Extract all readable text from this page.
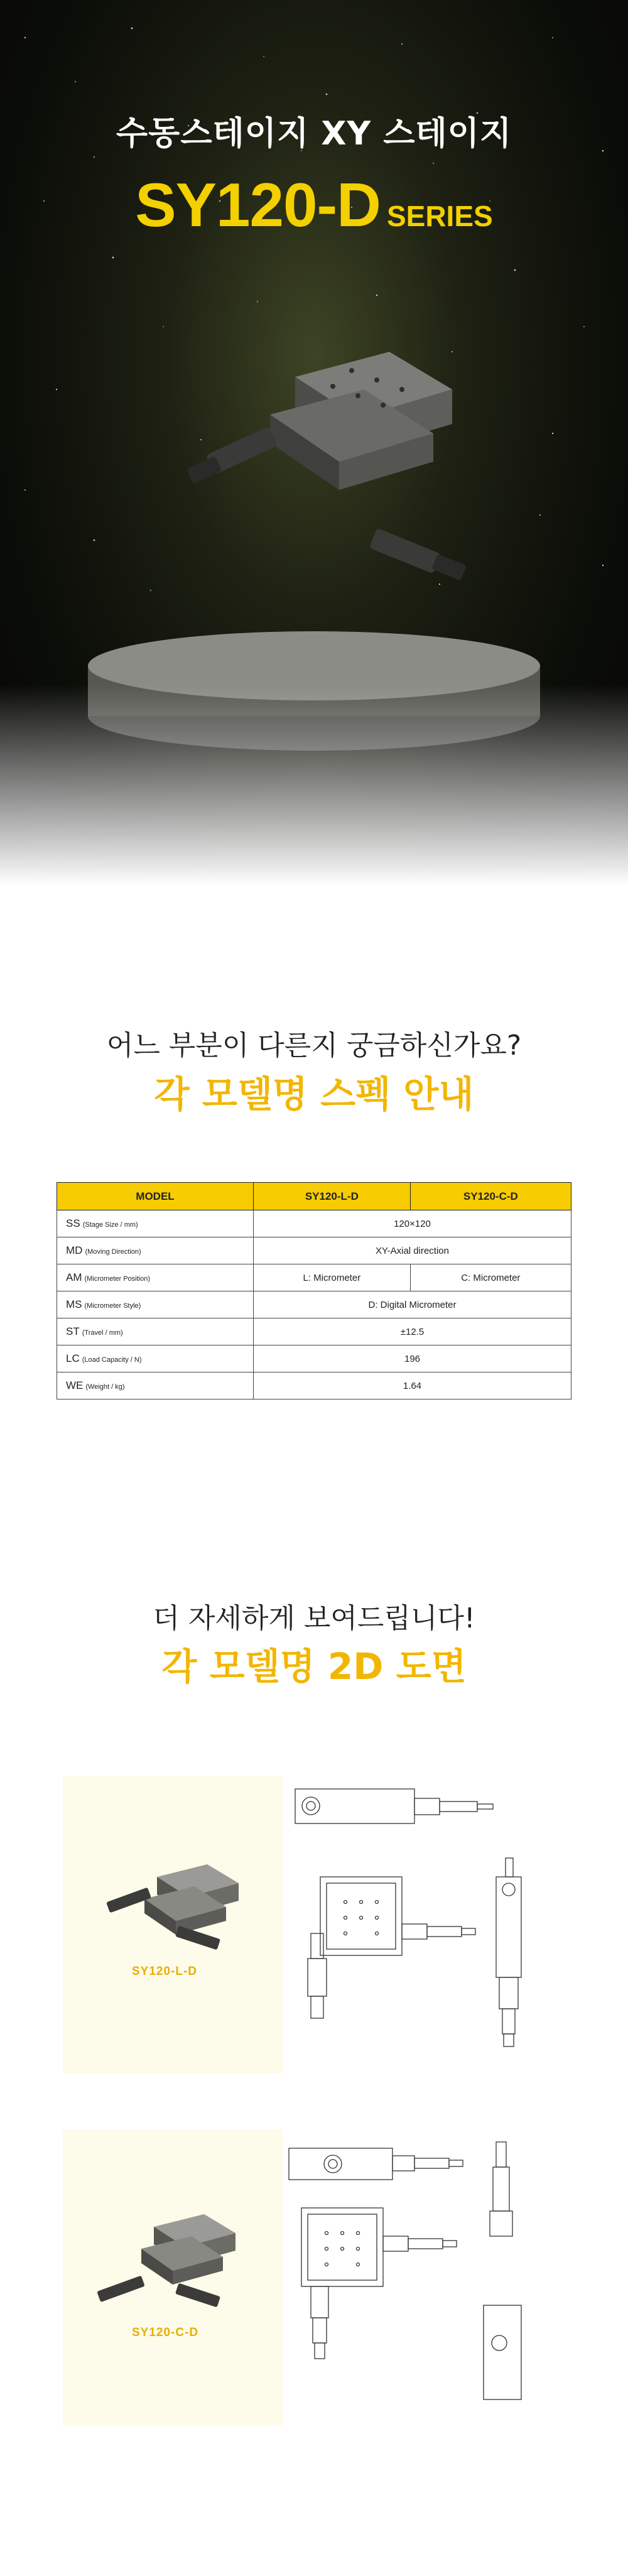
수동스테이지 XY 스테이지
SY120-D SERIES
어느 부분이 다른지 궁금하신가요?
각 모델명 스펙 안내
MODEL	SY120-L-D	SY120-C-D
SS (Stage Size / mm)	120×120	
MD (Moving Direction)	XY-Axial direction	
AM (Micrometer Position)	L: Micrometer	C: Micrometer
MS (Micrometer Style)	D: Digital Micrometer	
ST (Travel / mm)	±12.5	
LC (Load Capacity / N)	196	
WE (Weight / kg)	1.64	
더 자세하게 보여드립니다!
각 모델명 2D 도면
SY120-L-D
SY120-C-D
